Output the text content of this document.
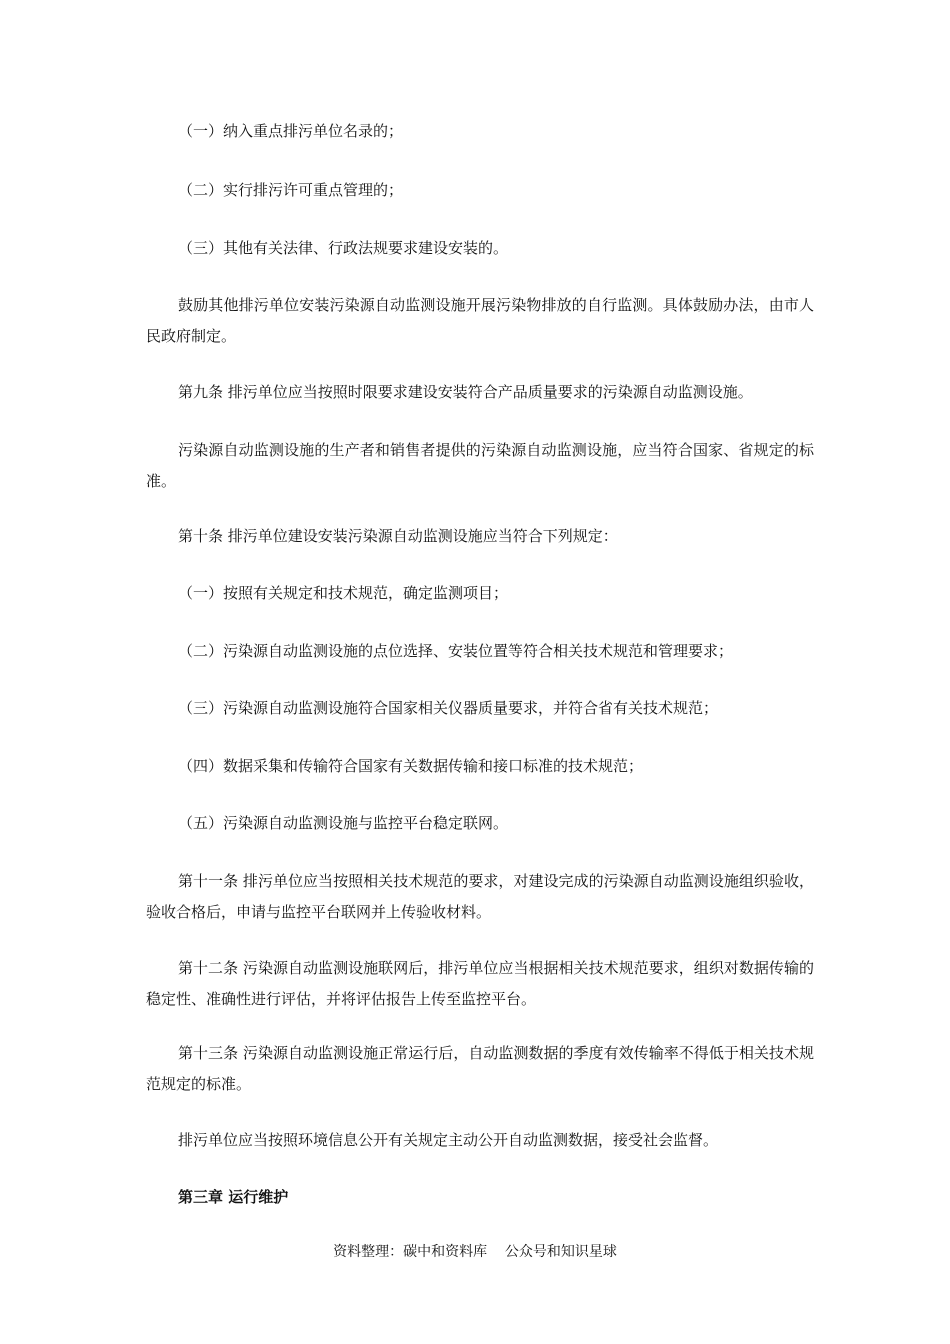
（一）纳入重点排污单位名录的；

（二）实行排污许可重点管理的；

（三）其他有关法律、行政法规要求建设安装的。

鼓励其他排污单位安装污染源自动监测设施开展污染物排放的自行监测。具体鼓励办法，由市人民政府制定。

第九条 排污单位应当按照时限要求建设安装符合产品质量要求的污染源自动监测设施。

污染源自动监测设施的生产者和销售者提供的污染源自动监测设施，应当符合国家、省规定的标准。

第十条 排污单位建设安装污染源自动监测设施应当符合下列规定：

（一）按照有关规定和技术规范，确定监测项目；

（二）污染源自动监测设施的点位选择、安装位置等符合相关技术规范和管理要求；

（三）污染源自动监测设施符合国家相关仪器质量要求，并符合省有关技术规范；

（四）数据采集和传输符合国家有关数据传输和接口标准的技术规范；

（五）污染源自动监测设施与监控平台稳定联网。

第十一条 排污单位应当按照相关技术规范的要求，对建设完成的污染源自动监测设施组织验收，验收合格后，申请与监控平台联网并上传验收材料。

第十二条 污染源自动监测设施联网后，排污单位应当根据相关技术规范要求，组织对数据传输的稳定性、准确性进行评估，并将评估报告上传至监控平台。

第十三条 污染源自动监测设施正常运行后，自动监测数据的季度有效传输率不得低于相关技术规范规定的标准。

排污单位应当按照环境信息公开有关规定主动公开自动监测数据，接受社会监督。

第三章 运行维护

资料整理：碳中和资料库    公众号和知识星球
